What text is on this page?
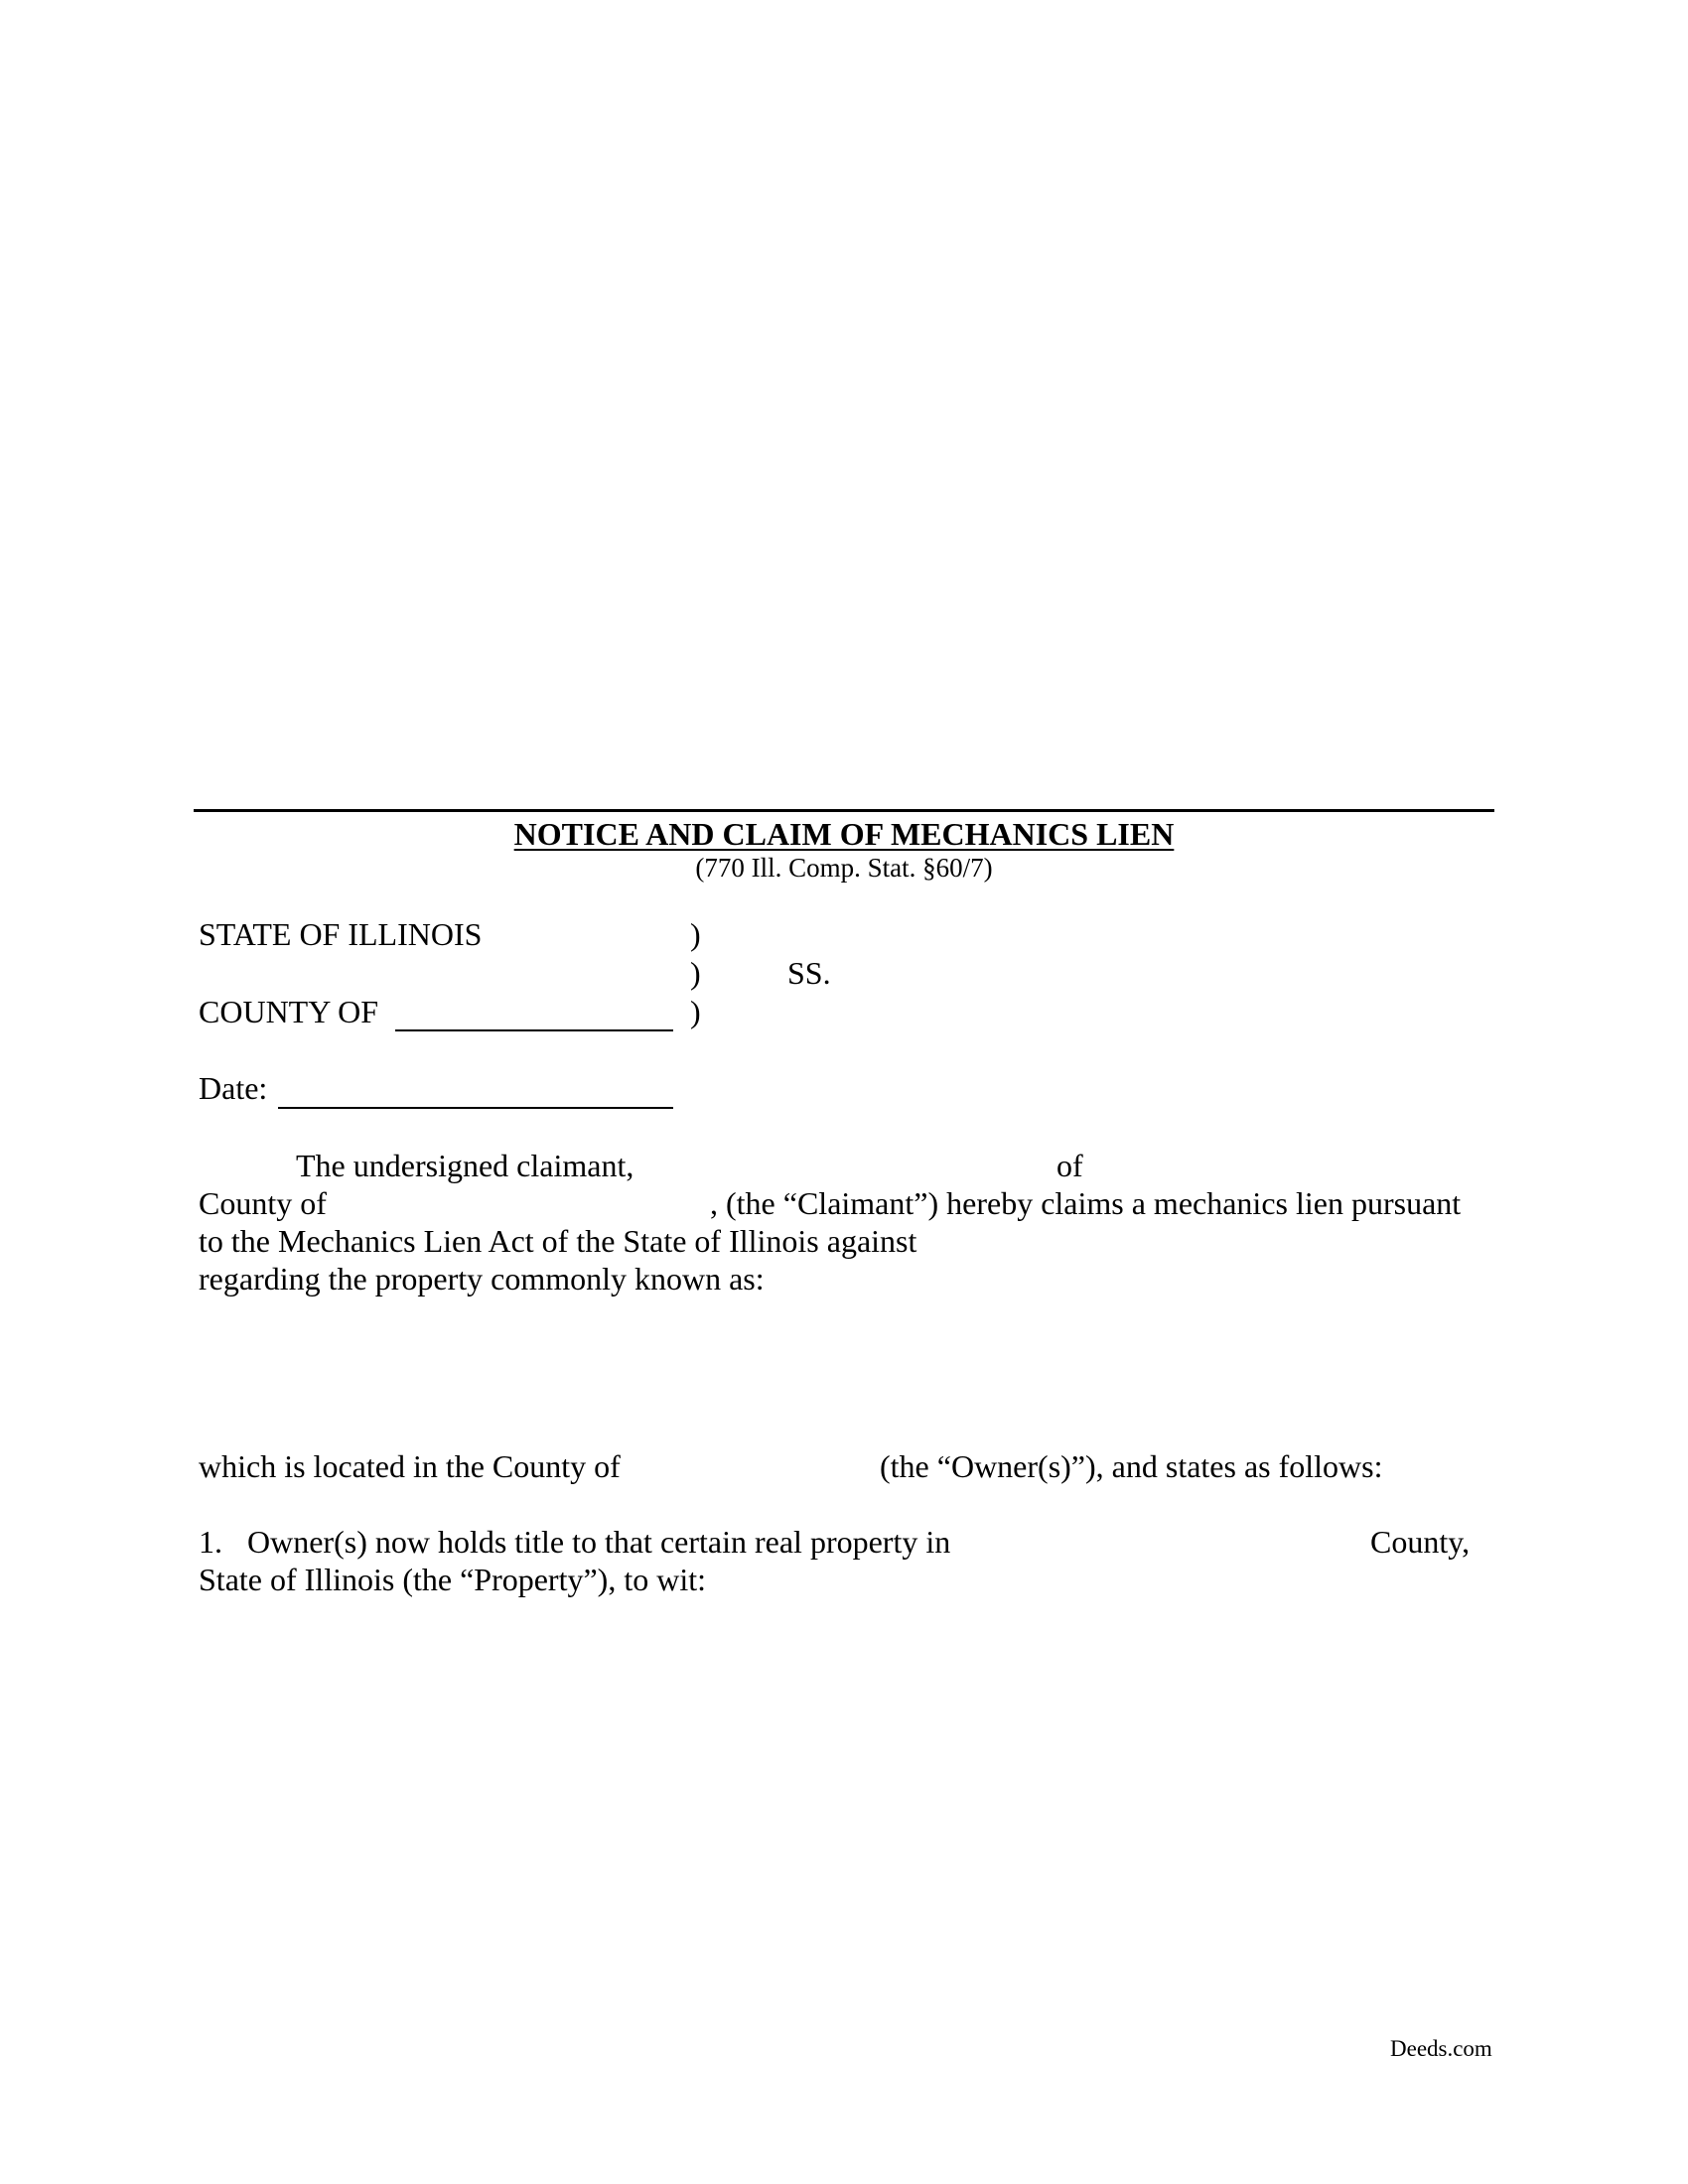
NOTICE AND CLAIM OF MECHANICS LIEN
(770 Ill. Comp. Stat. §60/7)
STATE OF ILLINOIS	)
)	SS.
COUNTY OF	)
Date:
The undersigned claimant,	of
County of	, (the “Claimant”) hereby claims a mechanics lien pursuant
to the Mechanics Lien Act of the State of Illinois against
regarding the property commonly known as:
which is located in the County of	(the “Owner(s)”), and states as follows:
1. Owner(s) now holds title to that certain real property in	County,
State of Illinois (the “Property”), to wit:
Deeds.com
